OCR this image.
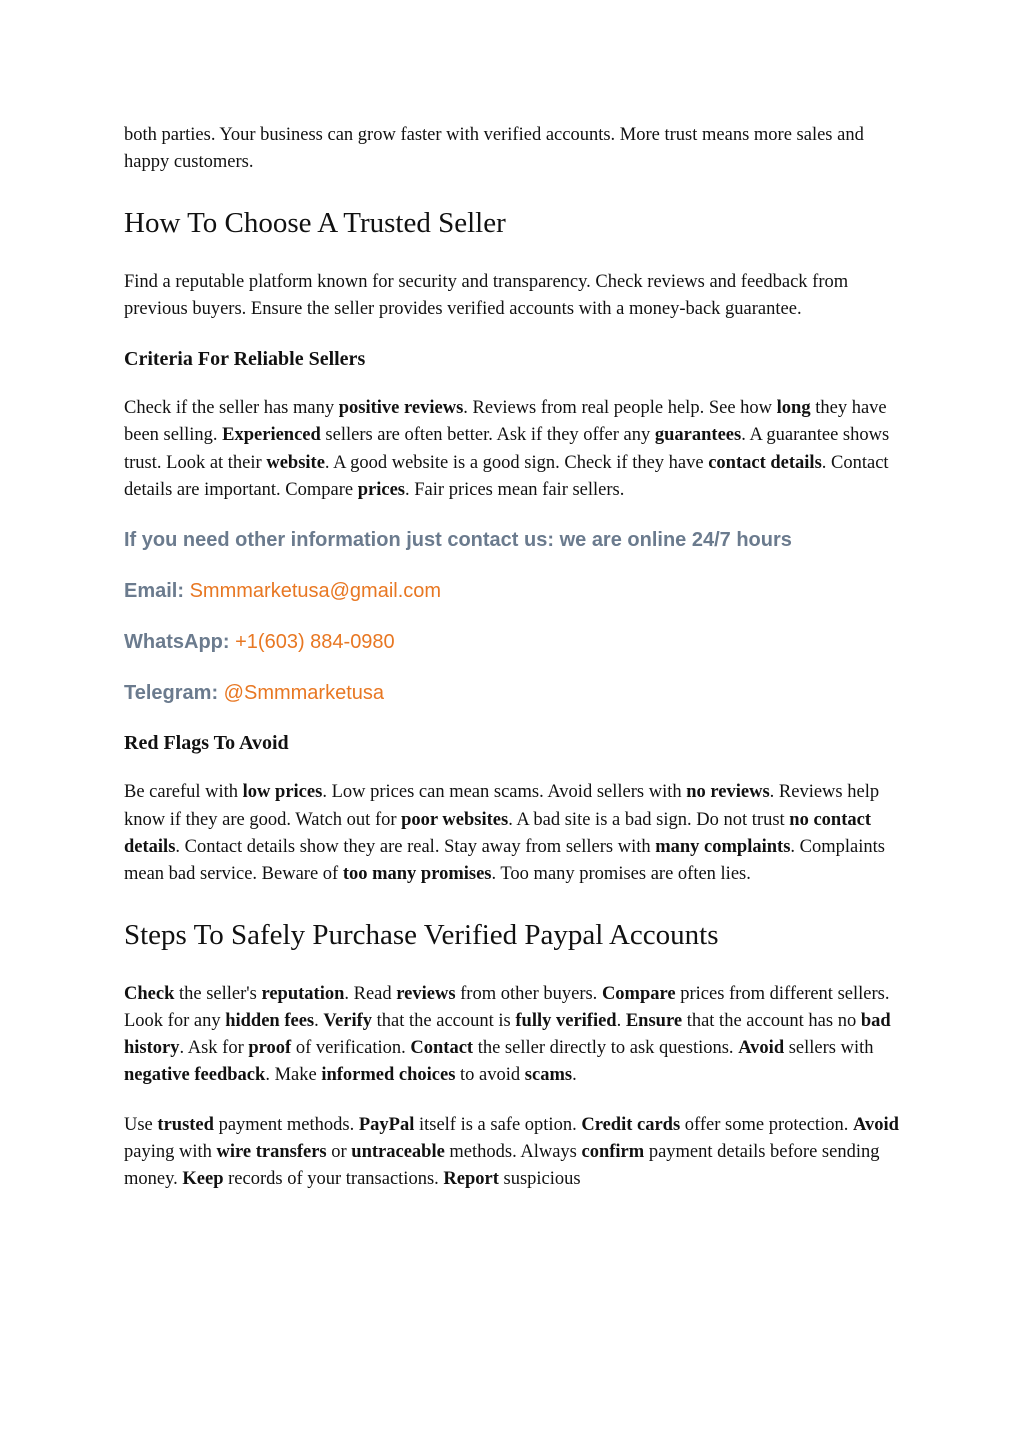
both parties. Your business can grow faster with verified accounts. More trust means more sales and happy customers.

How To Choose A Trusted Seller

Find a reputable platform known for security and transparency. Check reviews and feedback from previous buyers. Ensure the seller provides verified accounts with a money-back guarantee.

Criteria For Reliable Sellers

Check if the seller has many positive reviews. Reviews from real people help. See how long they have been selling. Experienced sellers are often better. Ask if they offer any guarantees. A guarantee shows trust. Look at their website. A good website is a good sign. Check if they have contact details. Contact details are important. Compare prices. Fair prices mean fair sellers.

If you need other information just contact us: we are online 24/7 hours

Email: Smmmarketusa@gmail.com

WhatsApp: +1(603) 884-0980

Telegram: @Smmmarketusa

Red Flags To Avoid

Be careful with low prices. Low prices can mean scams. Avoid sellers with no reviews. Reviews help know if they are good. Watch out for poor websites. A bad site is a bad sign. Do not trust no contact details. Contact details show they are real. Stay away from sellers with many complaints. Complaints mean bad service. Beware of too many promises. Too many promises are often lies.

Steps To Safely Purchase Verified Paypal Accounts

Check the seller's reputation. Read reviews from other buyers. Compare prices from different sellers. Look for any hidden fees. Verify that the account is fully verified. Ensure that the account has no bad history. Ask for proof of verification. Contact the seller directly to ask questions. Avoid sellers with negative feedback. Make informed choices to avoid scams.

Use trusted payment methods. PayPal itself is a safe option. Credit cards offer some protection. Avoid paying with wire transfers or untraceable methods. Always confirm payment details before sending money. Keep records of your transactions. Report suspicious
